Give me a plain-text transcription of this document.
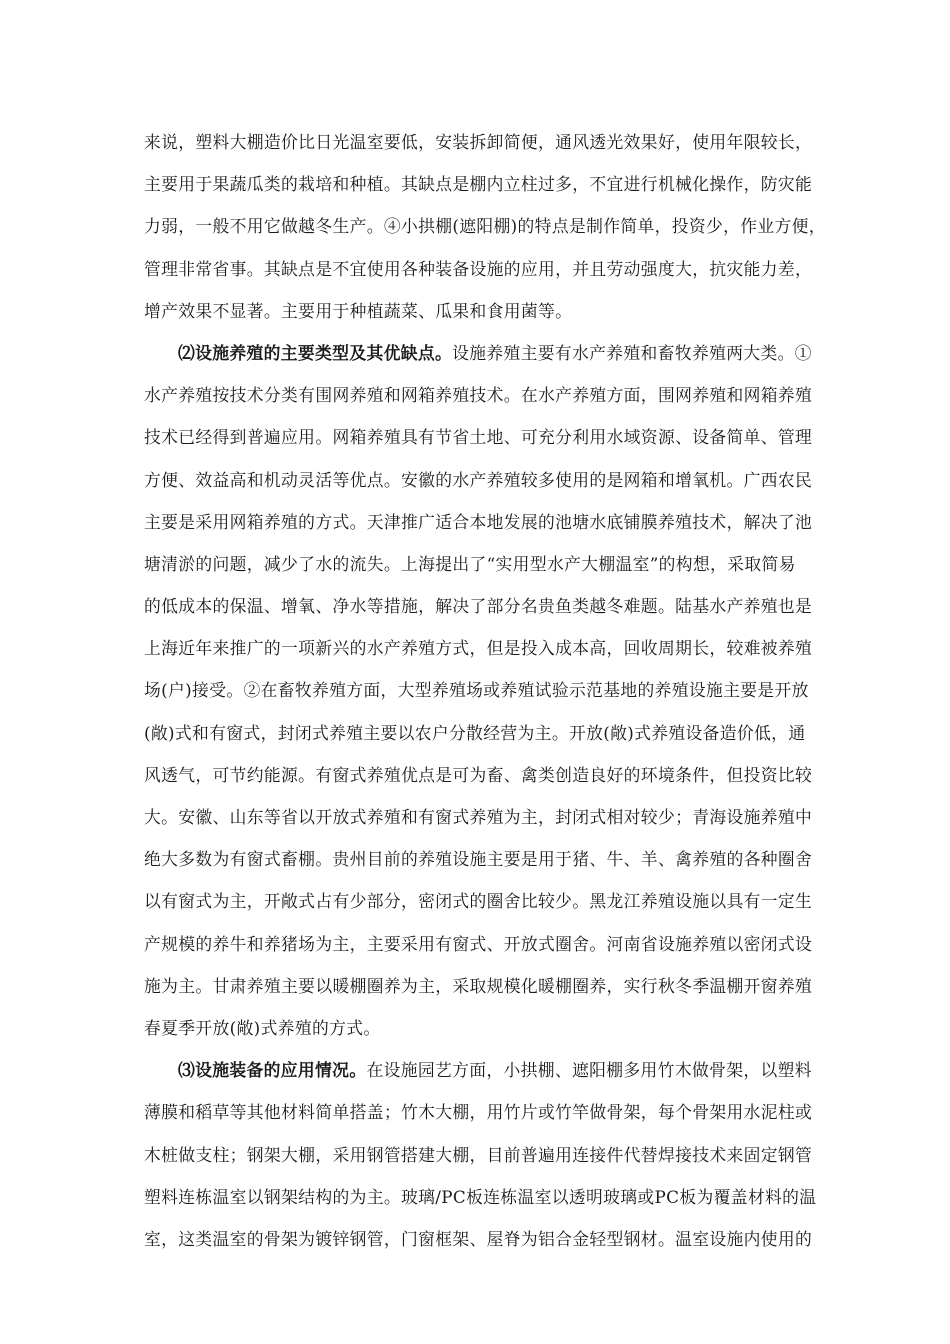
来说，塑料大棚造价比日光温室要低，安装拆卸简便，通风透光效果好，使用年限较长，
主要用于果蔬瓜类的栽培和种植。其缺点是棚内立柱过多，不宜进行机械化操作，防灾能
力弱，一般不用它做越冬生产。④小拱棚(遮阳棚)的特点是制作简单，投资少，作业方便，
管理非常省事。其缺点是不宜使用各种装备设施的应用，并且劳动强度大，抗灾能力差，
增产效果不显著。主要用于种植蔬菜、瓜果和食用菌等。
⑵设施养殖的主要类型及其优缺点。设施养殖主要有水产养殖和畜牧养殖两大类。①
水产养殖按技术分类有围网养殖和网箱养殖技术。在水产养殖方面，围网养殖和网箱养殖
技术已经得到普遍应用。网箱养殖具有节省土地、可充分利用水域资源、设备简单、管理
方便、效益高和机动灵活等优点。安徽的水产养殖较多使用的是网箱和增氧机。广西农民
主要是采用网箱养殖的方式。天津推广适合本地发展的池塘水底铺膜养殖技术，解决了池
塘清淤的问题，减少了水的流失。上海提出了“实用型水产大棚温室”的构想，采取简易
的低成本的保温、增氧、净水等措施，解决了部分名贵鱼类越冬难题。陆基水产养殖也是
上海近年来推广的一项新兴的水产养殖方式，但是投入成本高，回收周期长，较难被养殖
场(户)接受。②在畜牧养殖方面，大型养殖场或养殖试验示范基地的养殖设施主要是开放
(敞)式和有窗式，封闭式养殖主要以农户分散经营为主。开放(敞)式养殖设备造价低，通
风透气，可节约能源。有窗式养殖优点是可为畜、禽类创造良好的环境条件，但投资比较
大。安徽、山东等省以开放式养殖和有窗式养殖为主，封闭式相对较少；青海设施养殖中
绝大多数为有窗式畜棚。贵州目前的养殖设施主要是用于猪、牛、羊、禽养殖的各种圈舍
以有窗式为主，开敞式占有少部分，密闭式的圈舍比较少。黑龙江养殖设施以具有一定生
产规模的养牛和养猪场为主，主要采用有窗式、开放式圈舍。河南省设施养殖以密闭式设
施为主。甘肃养殖主要以暖棚圈养为主，采取规模化暖棚圈养，实行秋冬季温棚开窗养殖
春夏季开放(敞)式养殖的方式。
⑶设施装备的应用情况。在设施园艺方面，小拱棚、遮阳棚多用竹木做骨架，以塑料
薄膜和稻草等其他材料简单搭盖；竹木大棚，用竹片或竹竿做骨架，每个骨架用水泥柱或
木桩做支柱；钢架大棚，采用钢管搭建大棚，目前普遍用连接件代替焊接技术来固定钢管
塑料连栋温室以钢架结构的为主。玻璃/PC板连栋温室以透明玻璃或PC板为覆盖材料的温
室，这类温室的骨架为镀锌钢管，门窗框架、屋脊为铝合金轻型钢材。温室设施内使用的
